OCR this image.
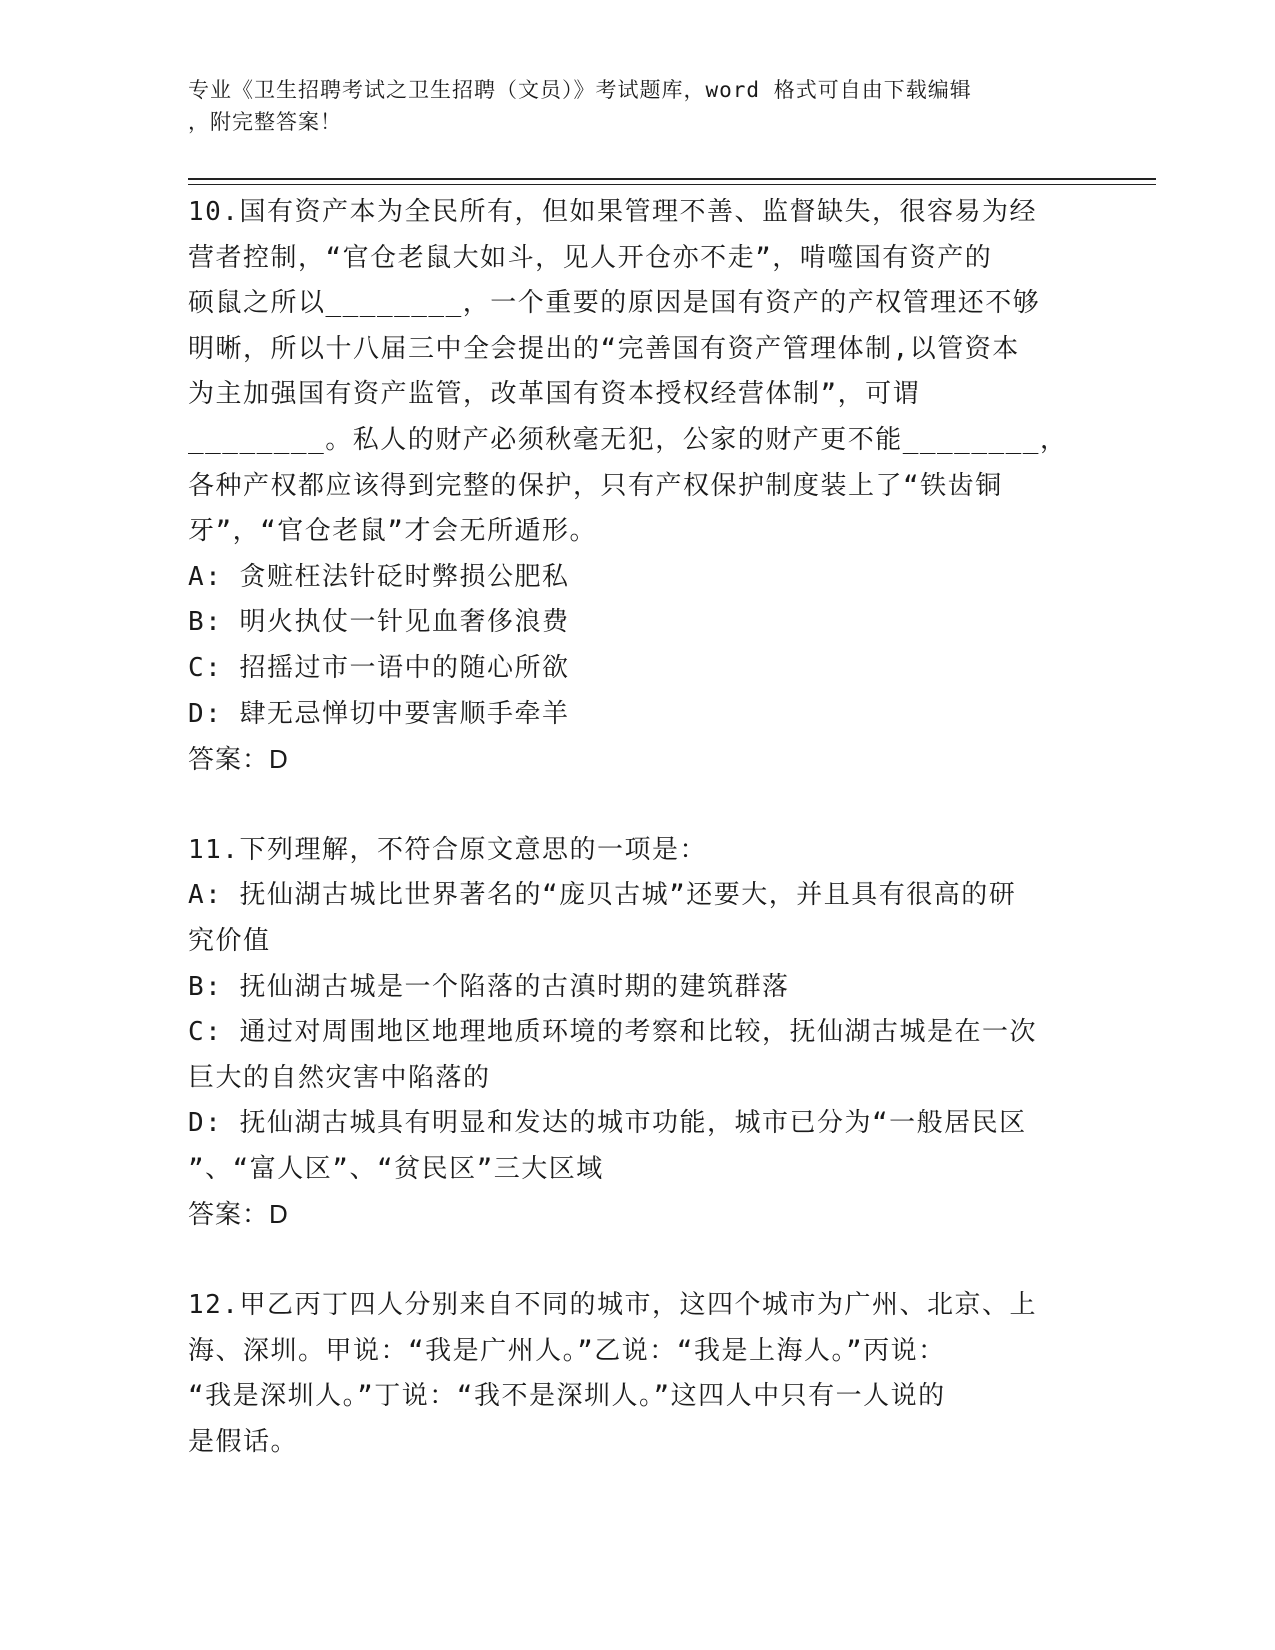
专业《卫生招聘考试之卫生招聘（文员）》考试题库，word 格式可自由下载编辑

，附完整答案！

10.国有资产本为全民所有，但如果管理不善、监督缺失，很容易为经
营者控制，“官仓老鼠大如斗，见人开仓亦不走”，啃噬国有资产的
硕鼠之所以________，一个重要的原因是国有资产的产权管理还不够
明晰，所以十八届三中全会提出的“完善国有资产管理体制,以管资本
为主加强国有资产监管，改革国有资本授权经营体制”，可谓
________。私人的财产必须秋毫无犯，公家的财产更不能________，
各种产权都应该得到完整的保护，只有产权保护制度装上了“铁齿铜
牙”，“官仓老鼠”才会无所遁形。

A: 贪赃枉法针砭时弊损公肥私

B: 明火执仗一针见血奢侈浪费

C: 招摇过市一语中的随心所欲

D: 肆无忌惮切中要害顺手牵羊

答案：D

11.下列理解，不符合原文意思的一项是：

A: 抚仙湖古城比世界著名的“庞贝古城”还要大，并且具有很高的研
究价值

B: 抚仙湖古城是一个陷落的古滇时期的建筑群落

C: 通过对周围地区地理地质环境的考察和比较，抚仙湖古城是在一次
巨大的自然灾害中陷落的

D: 抚仙湖古城具有明显和发达的城市功能，城市已分为“一般居民区
”、“富人区”、“贫民区”三大区域

答案：D

12.甲乙丙丁四人分别来自不同的城市，这四个城市为广州、北京、上
海、深圳。甲说：“我是广州人。”乙说：“我是上海人。”丙说：
“我是深圳人。”丁说：“我不是深圳人。”这四人中只有一人说的
是假话。
